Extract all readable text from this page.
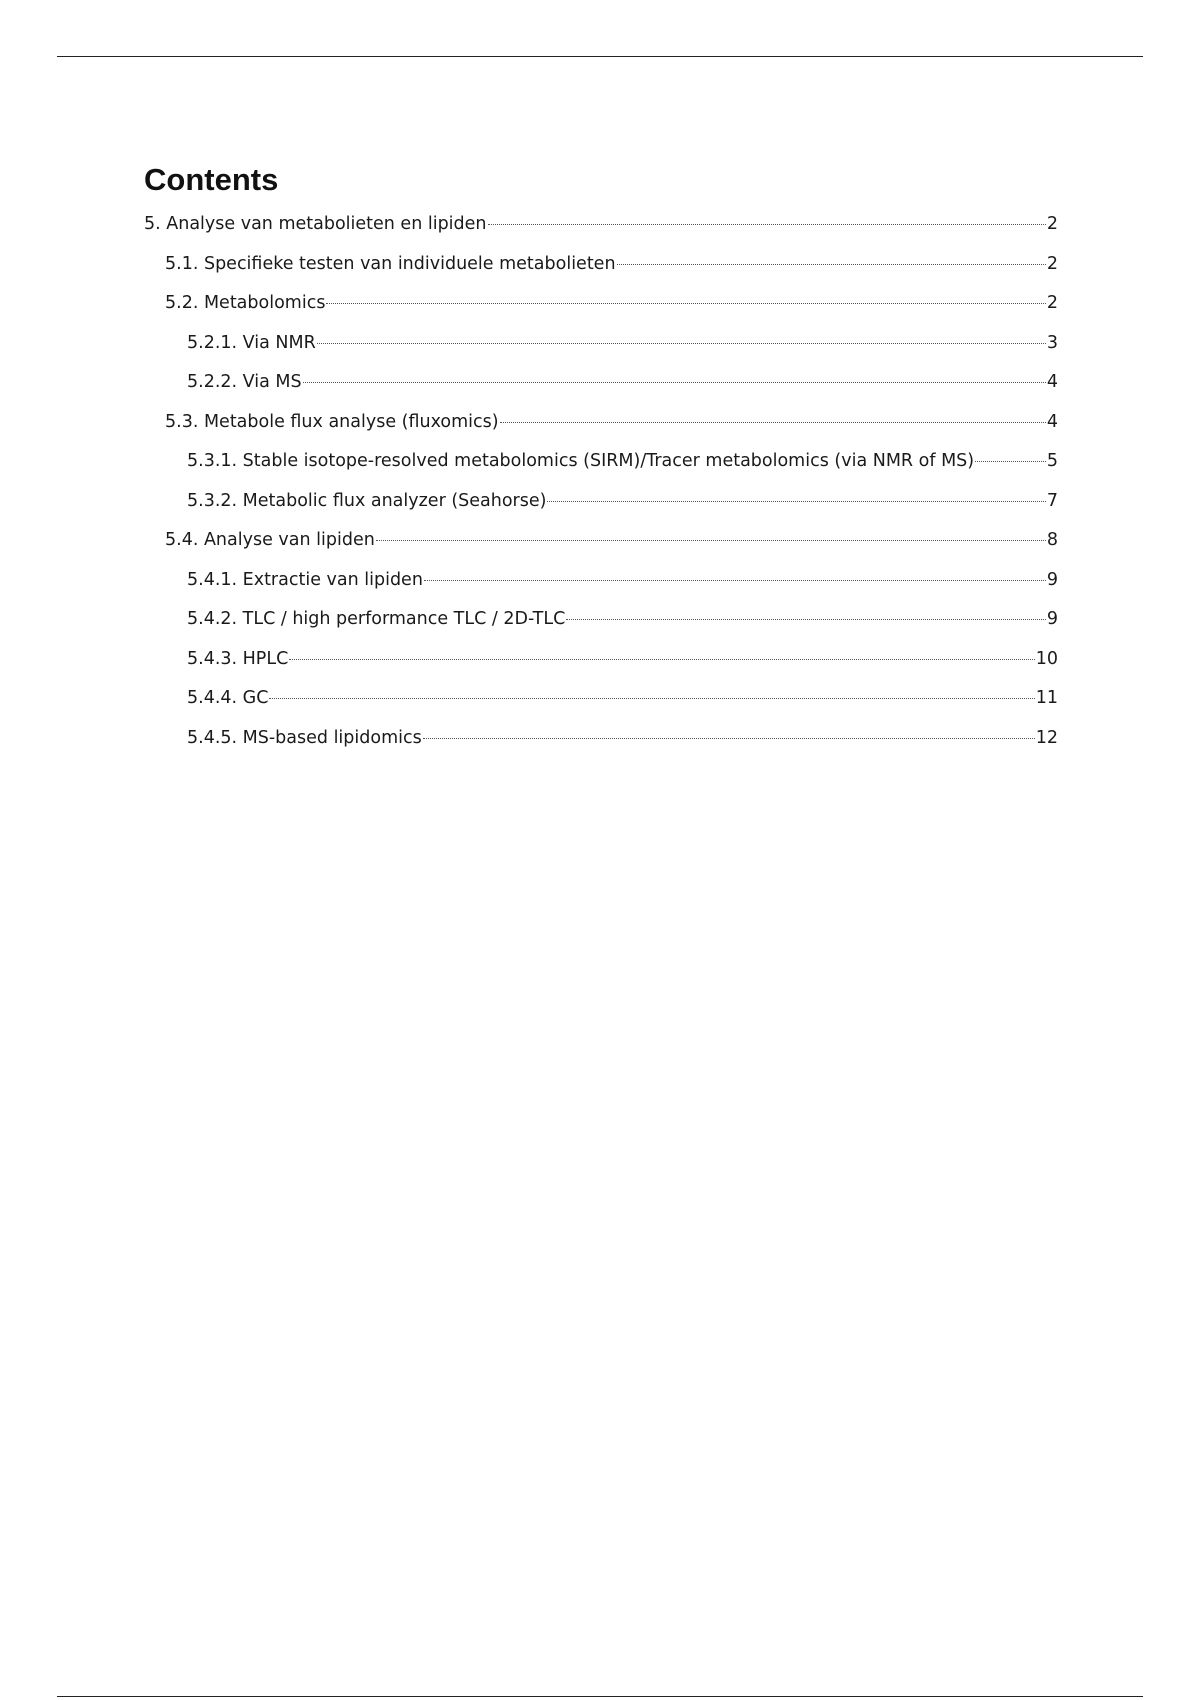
Contents
5. Analyse van metabolieten en lipiden	2
5.1. Specifieke testen van individuele metabolieten	2
5.2. Metabolomics	2
5.2.1. Via NMR	3
5.2.2. Via MS	4
5.3. Metabole flux analyse (fluxomics)	4
5.3.1. Stable isotope-resolved metabolomics (SIRM)/Tracer metabolomics (via NMR of MS)	5
5.3.2. Metabolic flux analyzer (Seahorse)	7
5.4. Analyse van lipiden	8
5.4.1. Extractie van lipiden	9
5.4.2. TLC / high performance TLC / 2D-TLC	9
5.4.3. HPLC	10
5.4.4. GC	11
5.4.5. MS-based lipidomics	12
